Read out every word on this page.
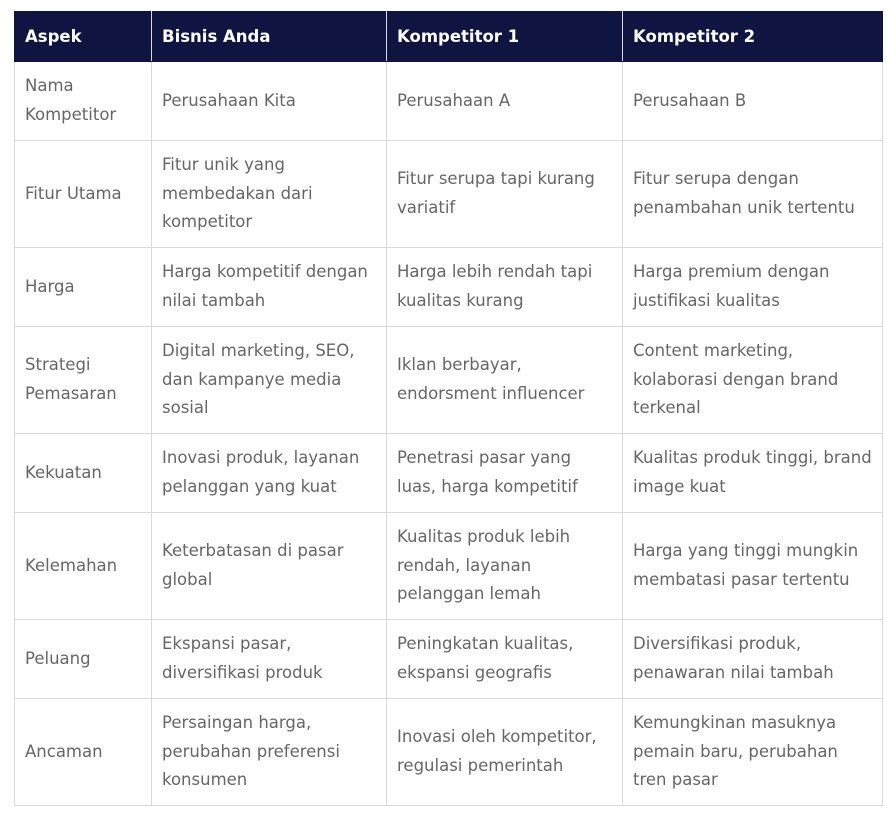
Aspek	Bisnis Anda	Kompetitor 1	Kompetitor 2
Nama Kompetitor	Perusahaan Kita	Perusahaan A	Perusahaan B
Fitur Utama	Fitur unik yang membedakan dari kompetitor	Fitur serupa tapi kurang variatif	Fitur serupa dengan penambahan unik tertentu
Harga	Harga kompetitif dengan nilai tambah	Harga lebih rendah tapi kualitas kurang	Harga premium dengan justifikasi kualitas
Strategi Pemasaran	Digital marketing, SEO, dan kampanye media sosial	Iklan berbayar, endorsment influencer	Content marketing, kolaborasi dengan brand terkenal
Kekuatan	Inovasi produk, layanan pelanggan yang kuat	Penetrasi pasar yang luas, harga kompetitif	Kualitas produk tinggi, brand image kuat
Kelemahan	Keterbatasan di pasar global	Kualitas produk lebih rendah, layanan pelanggan lemah	Harga yang tinggi mungkin membatasi pasar tertentu
Peluang	Ekspansi pasar, diversifikasi produk	Peningkatan kualitas, ekspansi geografis	Diversifikasi produk, penawaran nilai tambah
Ancaman	Persaingan harga, perubahan preferensi konsumen	Inovasi oleh kompetitor, regulasi pemerintah	Kemungkinan masuknya pemain baru, perubahan tren pasar
